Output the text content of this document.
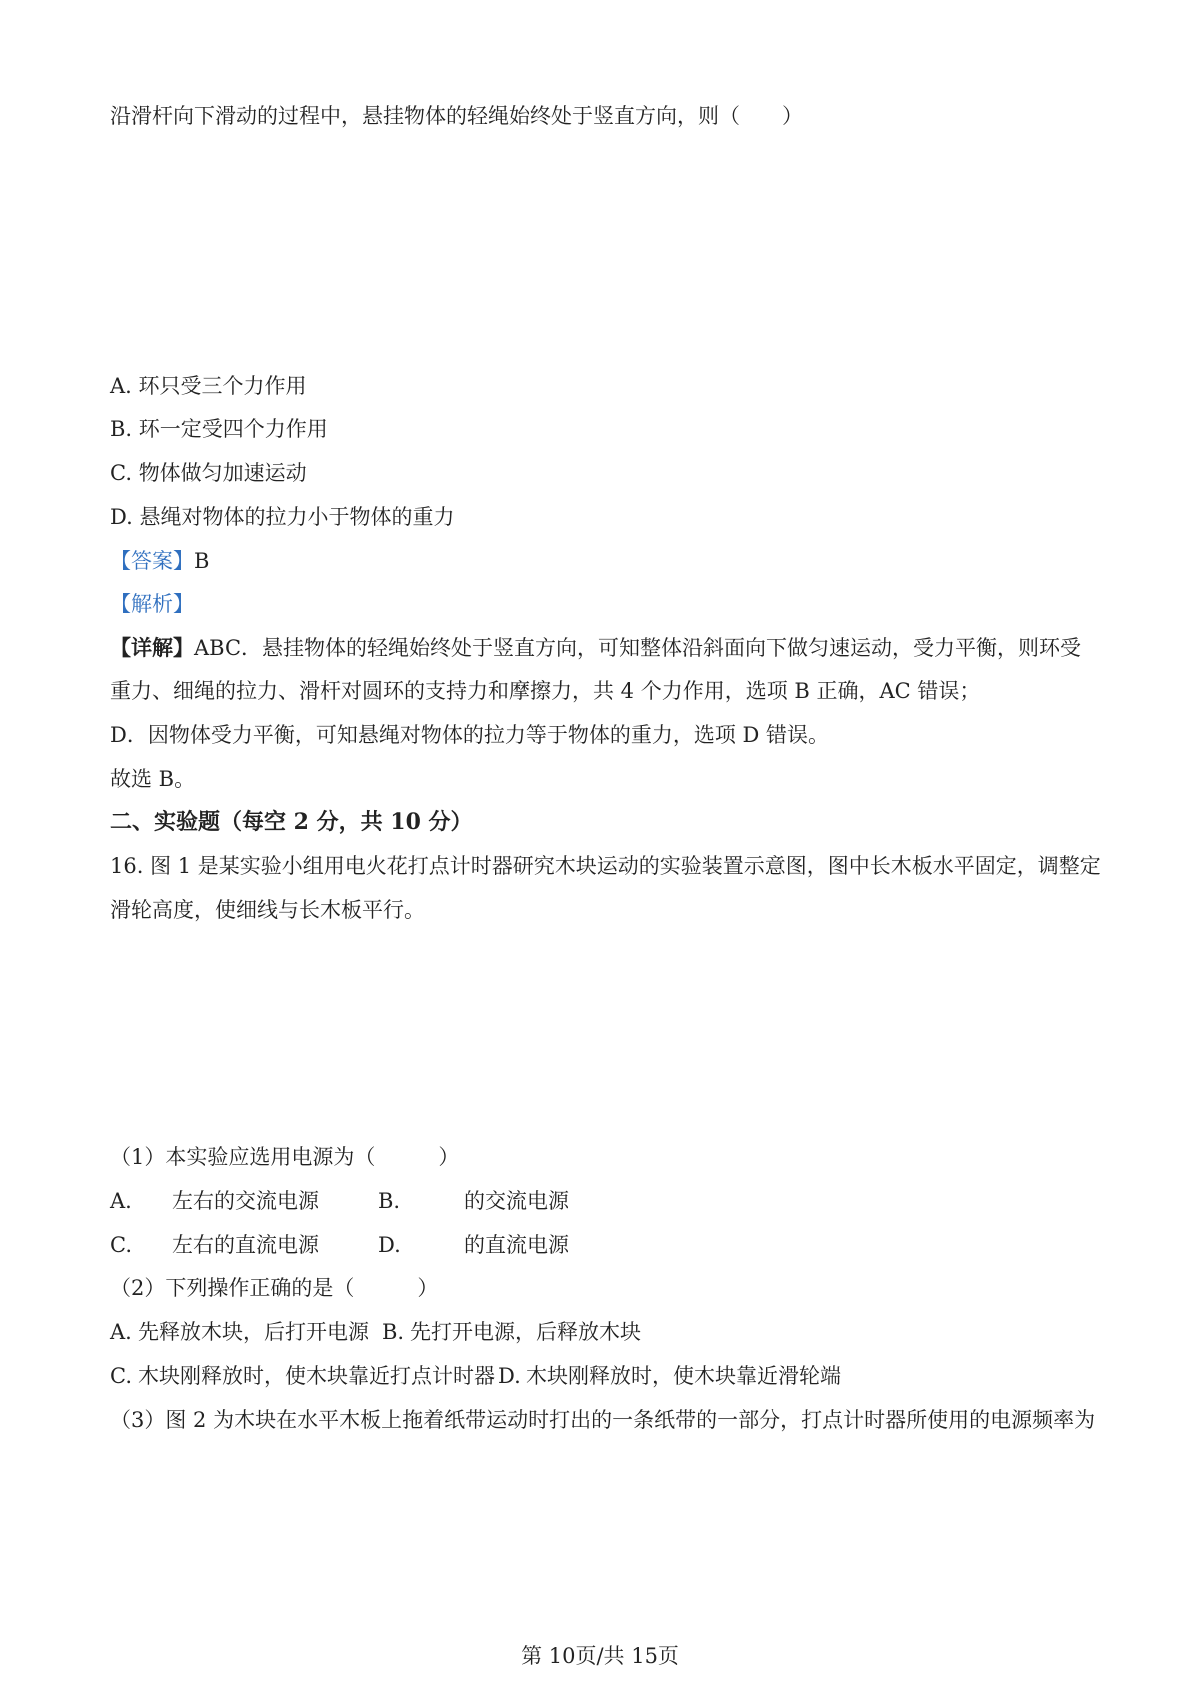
沿滑杆向下滑动的过程中，悬挂物体的轻绳始终处于竖直方向，则（　　）
A. 环只受三个力作用
B. 环一定受四个力作用
C. 物体做匀加速运动
D. 悬绳对物体的拉力小于物体的重力
【答案】B
【解析】
【详解】ABC．悬挂物体的轻绳始终处于竖直方向，可知整体沿斜面向下做匀速运动，受力平衡，则环受
重力、细绳的拉力、滑杆对圆环的支持力和摩擦力，共 4 个力作用，选项 B 正确，AC 错误；
D．因物体受力平衡，可知悬绳对物体的拉力等于物体的重力，选项 D 错误。
故选 B。
二、实验题（每空 2 分，共 10 分）
16. 图 1 是某实验小组用电火花打点计时器研究木块运动的实验装置示意图，图中长木板水平固定，调整定
滑轮高度，使细线与长木板平行。
（1）本实验应选用电源为（　　　）
A. 左右的交流电源	B.	的交流电源
C. 左右的直流电源	D.	的直流电源
（2）下列操作正确的是（　　　）
A. 先释放木块，后打开电源 B. 先打开电源，后释放木块
C. 木块刚释放时，使木块靠近打点计时器 D. 木块刚释放时，使木块靠近滑轮端
（3）图 2 为木块在水平木板上拖着纸带运动时打出的一条纸带的一部分，打点计时器所使用的电源频率为
第 10页/共 15页
